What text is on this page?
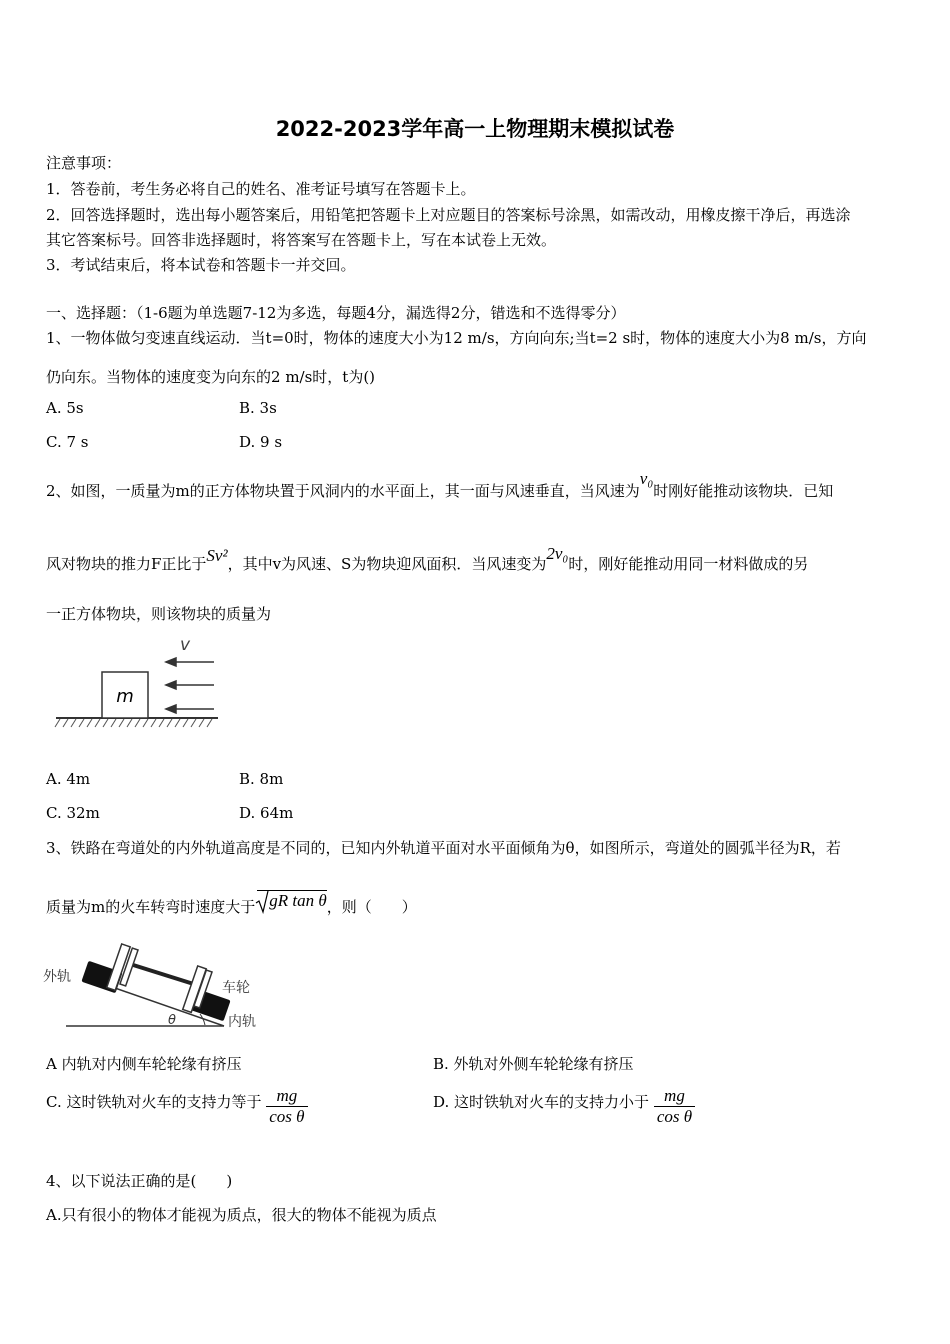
2022-2023学年高一上物理期末模拟试卷
注意事项：
1．答卷前，考生务必将自己的姓名、准考证号填写在答题卡上。
2．回答选择题时，选出每小题答案后，用铅笔把答题卡上对应题目的答案标号涂黑，如需改动，用橡皮擦干净后，再选涂
其它答案标号。回答非选择题时，将答案写在答题卡上，写在本试卷上无效。
3．考试结束后，将本试卷和答题卡一并交回。
一、选择题：（1-6题为单选题7-12为多选，每题4分，漏选得2分，错选和不选得零分）
1、一物体做匀变速直线运动．当t=0时，物体的速度大小为12 m/s，方向向东;当t=2 s时，物体的速度大小为8 m/s，方向
仍向东。当物体的速度变为向东的2 m/s时，t为()
A. 5s	B. 3s
C. 7 s	D. 9 s
2、如图，一质量为m的正方体物块置于风洞内的水平面上，其一面与风速垂直，当风速为v₀时刚好能推动该物块．已知
风对物块的推力F正比于Sv²，其中v为风速、S为物块迎风面积．当风速变为2v₀时，刚好能推动用同一材料做成的另
一正方体物块，则该物块的质量为
m
v
A. 4m	B. 8m
C. 32m	D. 64m
3、铁路在弯道处的内外轨道高度是不同的，已知内外轨道平面对水平面倾角为θ，如图所示，弯道处的圆弧半径为R，若
质量为m的火车转弯时速度大于 gR tan θ，则（　　）
外轨
车轮
内轨
θ
A 内轨对内侧车轮轮缘有挤压	B. 外轨对外侧车轮轮缘有挤压
C. 这时铁轨对火车的支持力等于 $\frac{mg}{\text{cos θ}}$	D. 这时铁轨对火车的支持力小于 $\frac{mg}{\text{cos θ}}$
4、以下说法正确的是(　　)
A.只有很小的物体才能视为质点，很大的物体不能视为质点
